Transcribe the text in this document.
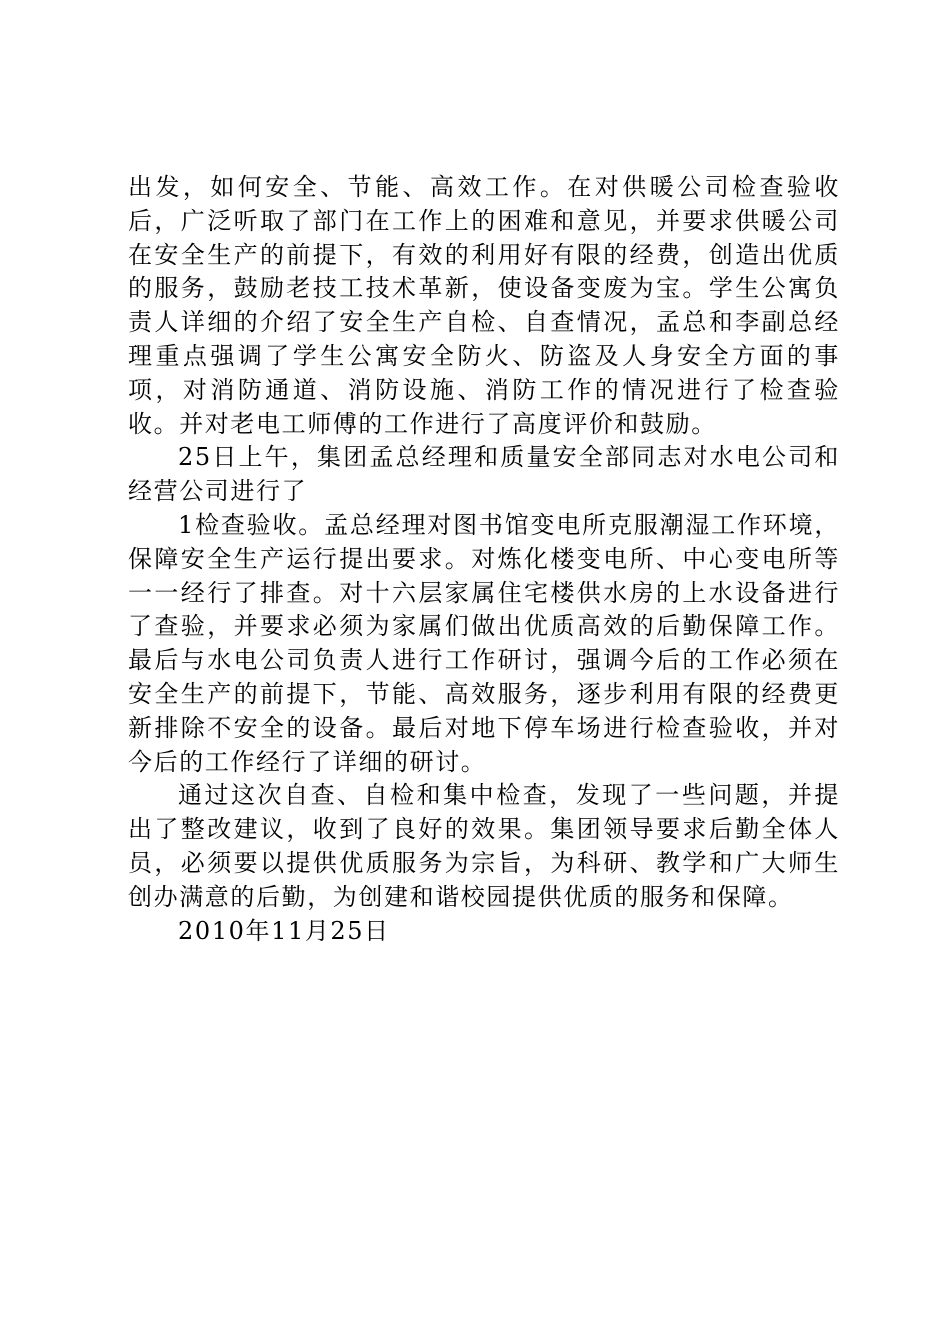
出发，如何安全、节能、高效工作。在对供暖公司检查验收后，广泛听取了部门在工作上的困难和意见，并要求供暖公司在安全生产的前提下，有效的利用好有限的经费，创造出优质的服务，鼓励老技工技术革新，使设备变废为宝。学生公寓负责人详细的介绍了安全生产自检、自查情况，孟总和李副总经理重点强调了学生公寓安全防火、防盗及人身安全方面的事项，对消防通道、消防设施、消防工作的情况进行了检查验收。并对老电工师傅的工作进行了高度评价和鼓励。

25日上午，集团孟总经理和质量安全部同志对水电公司和经营公司进行了

1检查验收。孟总经理对图书馆变电所克服潮湿工作环境，保障安全生产运行提出要求。对炼化楼变电所、中心变电所等一一经行了排查。对十六层家属住宅楼供水房的上水设备进行了查验，并要求必须为家属们做出优质高效的后勤保障工作。最后与水电公司负责人进行工作研讨，强调今后的工作必须在安全生产的前提下，节能、高效服务，逐步利用有限的经费更新排除不安全的设备。最后对地下停车场进行检查验收，并对今后的工作经行了详细的研讨。

通过这次自查、自检和集中检查，发现了一些问题，并提出了整改建议，收到了良好的效果。集团领导要求后勤全体人员，必须要以提供优质服务为宗旨，为科研、教学和广大师生创办满意的后勤，为创建和谐校园提供优质的服务和保障。

2010年11月25日
